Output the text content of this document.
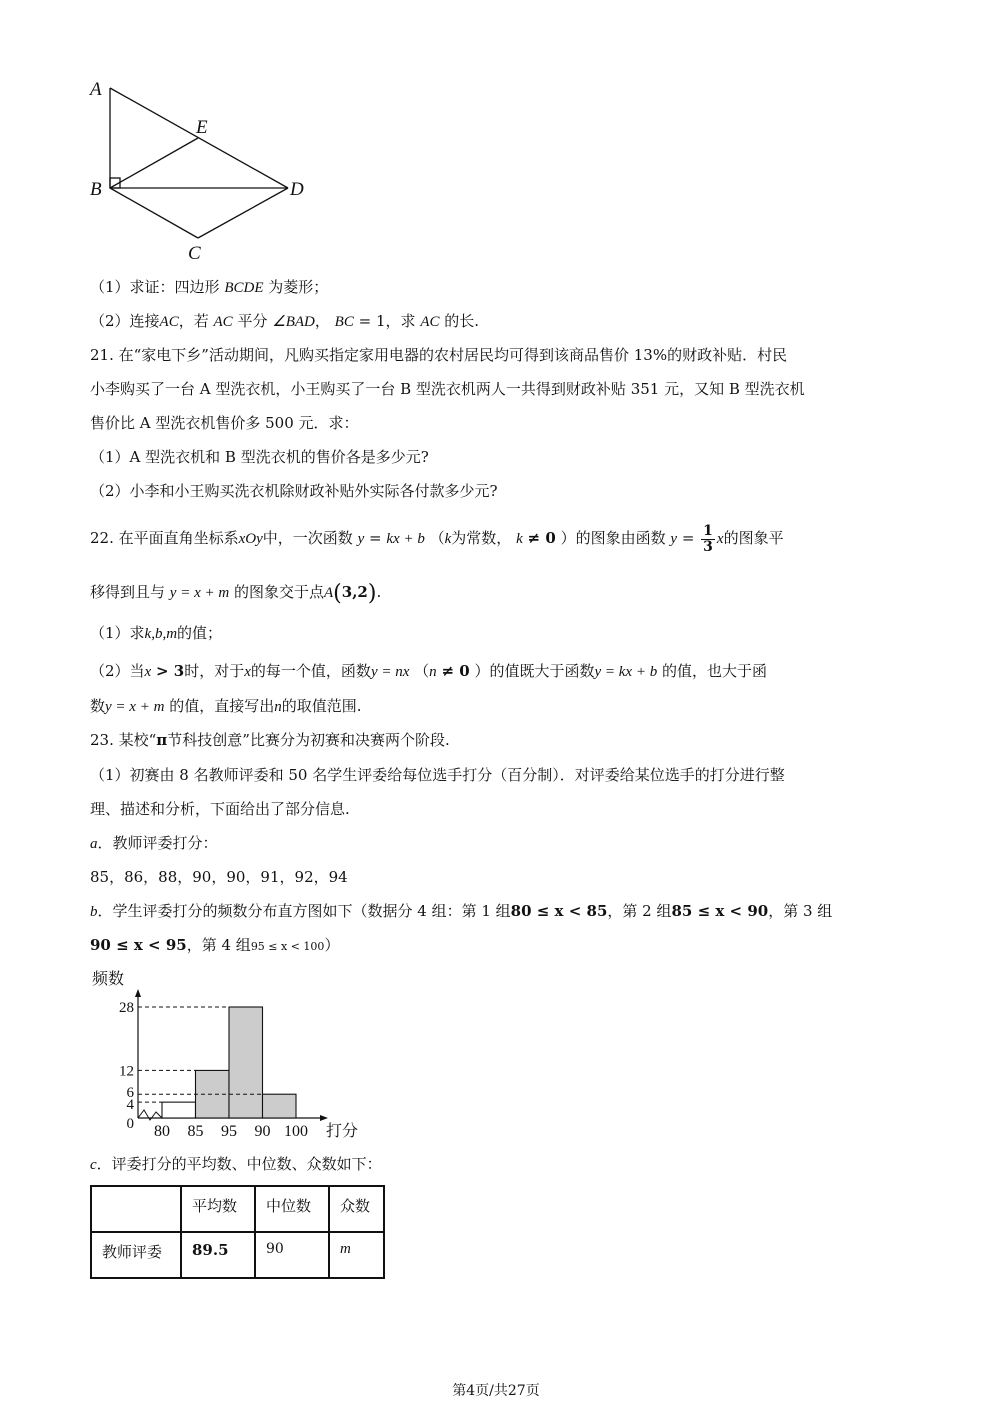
A
E
B	D
C
（1）求证：四边形 BCDE 为菱形；
（2）连接AC，若 AC 平分 ∠BAD， BC = 1，求 AC 的长.
21. 在“家电下乡”活动期间，凡购买指定家用电器的农村居民均可得到该商品售价 13%的财政补贴．村民
小李购买了一台 A 型洗衣机，小王购买了一台 B 型洗衣机两人一共得到财政补贴 351 元，又知 B 型洗衣机
售价比 A 型洗衣机售价多 500 元．求：
（1）A 型洗衣机和 B 型洗衣机的售价各是多少元?
（2）小李和小王购买洗衣机除财政补贴外实际各付款多少元?
22. 在平面直角坐标系xOy中，一次函数 y = kx + b （k为常数， k ≠ 0 ）的图象由函数 $y = \frac{1}{3}$ x的图象平
移得到且与 y = x + m 的图象交于点A(3,2).
（1）求k,b,m的值；
（2）当x > 3时，对于x的每一个值，函数y = nx （n ≠ 0 ）的值既大于函数y = kx + b 的值，也大于函
数y = x + m 的值，直接写出n的取值范围.
23. 某校“π节科技创意”比赛分为初赛和决赛两个阶段.
（1）初赛由 8 名教师评委和 50 名学生评委给每位选手打分（百分制）．对评委给某位选手的打分进行整
理、描述和分析，下面给出了部分信息.
a．教师评委打分：
85，86，88，90，90，91，92，94
b．学生评委打分的频数分布直方图如下（数据分 4 组：第 1 组80 ≤ x < 85，第 2 组85 ≤ x < 90，第 3 组
90 ≤ x < 95，第 4 组95 ≤ x < 100）
频数
0
4
6
12
28
80 85 95 90 100 打分
c．评委打分的平均数、中位数、众数如下：
	平均数	中位数	众数
教师评委	89.5	90	m
第4页/共27页
